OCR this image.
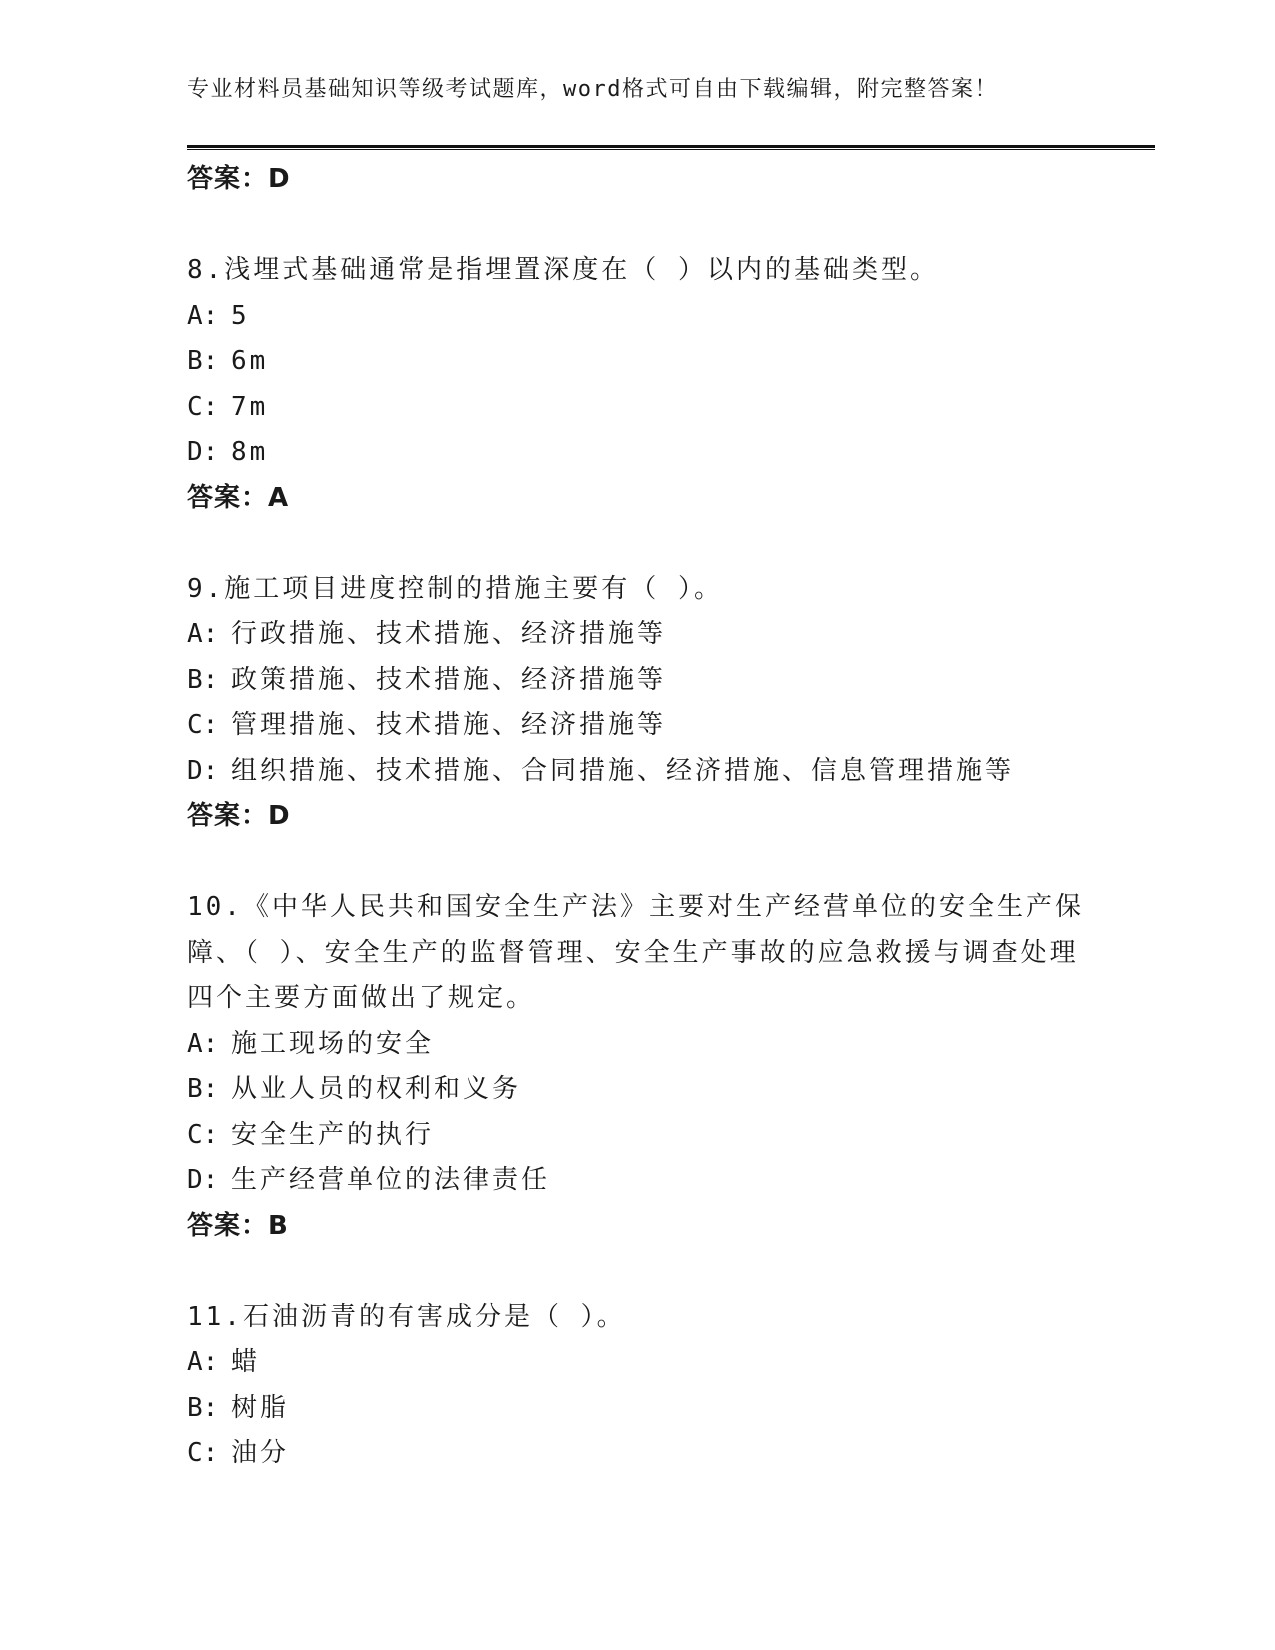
专业材料员基础知识等级考试题库，word格式可自由下载编辑，附完整答案！
答案：D
8.浅埋式基础通常是指埋置深度在（ ）以内的基础类型。
A: 5
B: 6m
C: 7m
D: 8m
答案：A
9.施工项目进度控制的措施主要有（ ）。
A: 行政措施、技术措施、经济措施等
B: 政策措施、技术措施、经济措施等
C: 管理措施、技术措施、经济措施等
D: 组织措施、技术措施、合同措施、经济措施、信息管理措施等
答案：D
10.《中华人民共和国安全生产法》主要对生产经营单位的安全生产保障、（ ）、安全生产的监督管理、安全生产事故的应急救援与调查处理四个主要方面做出了规定。
A: 施工现场的安全
B: 从业人员的权利和义务
C: 安全生产的执行
D: 生产经营单位的法律责任
答案：B
11.石油沥青的有害成分是（ ）。
A: 蜡
B: 树脂
C: 油分
